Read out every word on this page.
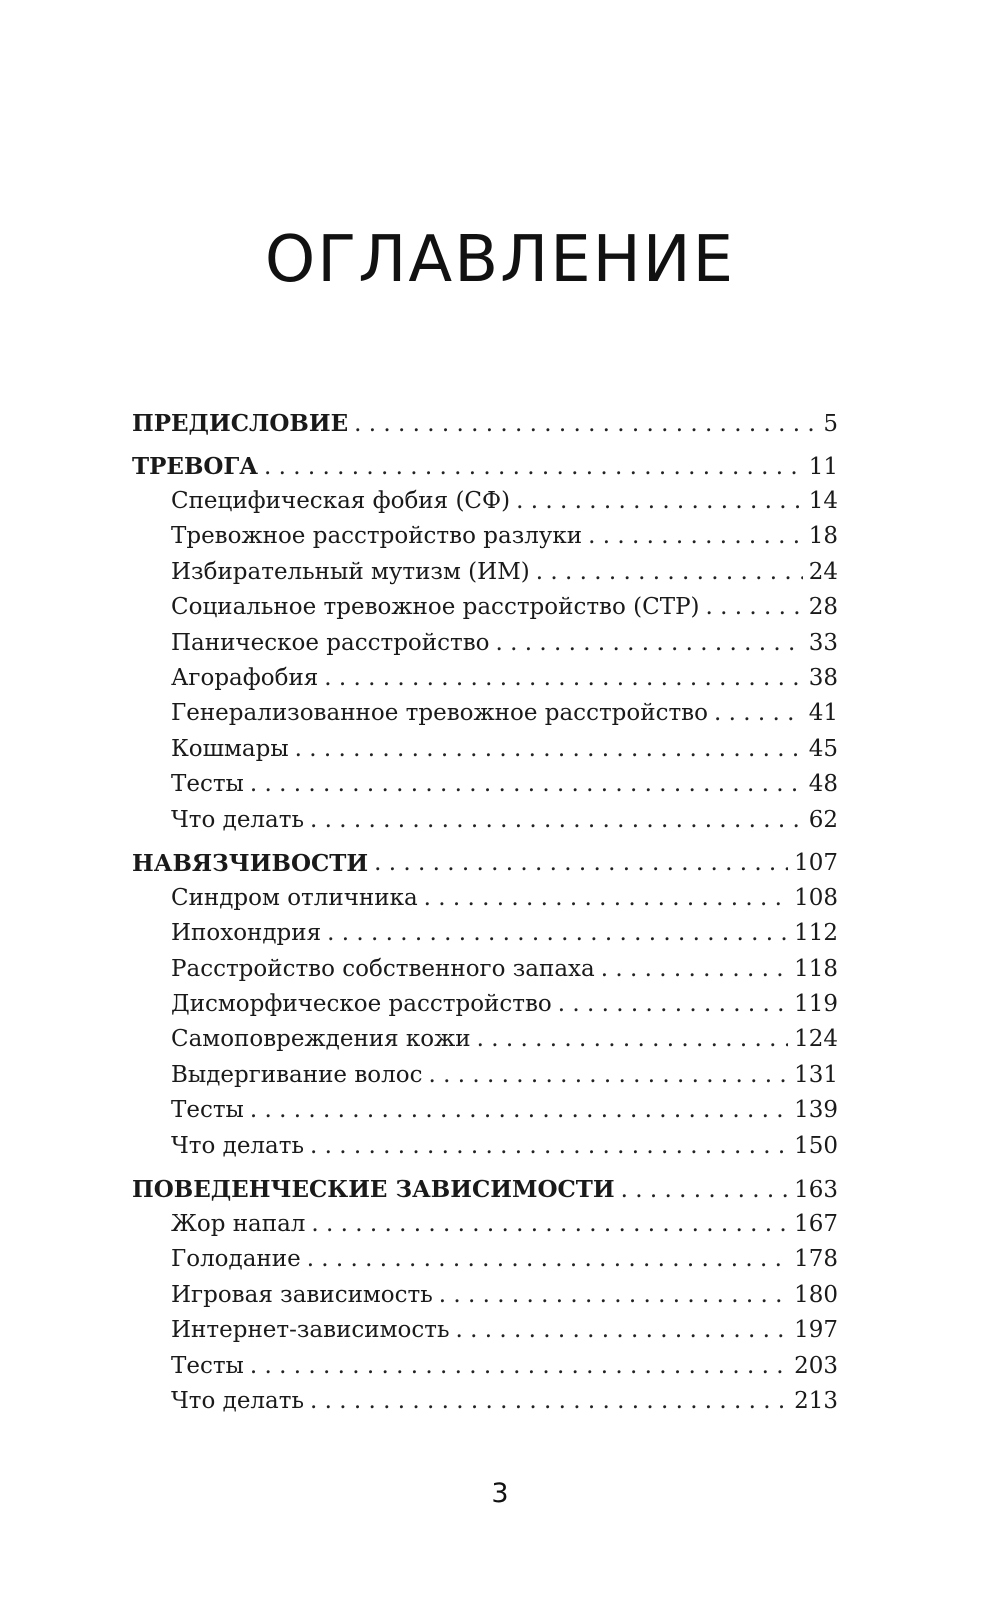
ОГЛАВЛЕНИЕ
ПРЕДИСЛОВИЕ . . .	5
ТРЕВОГА . . .	11
Специфическая фобия (СФ) . . .	14
Тревожное расстройство разлуки . . .	18
Избирательный мутизм (ИМ) . . .	24
Социальное тревожное расстройство (СТР) . . .	28
Паническое расстройство . . .	33
Агорафобия . . .	38
Генерализованное тревожное расстройство . . .	41
Кошмары . . .	45
Тесты . . .	48
Что делать . . .	62
НАВЯЗЧИВОСТИ . . .	107
Синдром отличника . . .	108
Ипохондрия . . .	112
Расстройство собственного запаха . . .	118
Дисморфическое расстройство . . .	119
Самоповреждения кожи . . .	124
Выдергивание волос . . .	131
Тесты . . .	139
Что делать . . .	150
ПОВЕДЕНЧЕСКИЕ ЗАВИСИМОСТИ . . .	163
Жор напал . . .	167
Голодание . . .	178
Игровая зависимость . . .	180
Интернет-зависимость . . .	197
Тесты . . .	203
Что делать . . .	213
3
